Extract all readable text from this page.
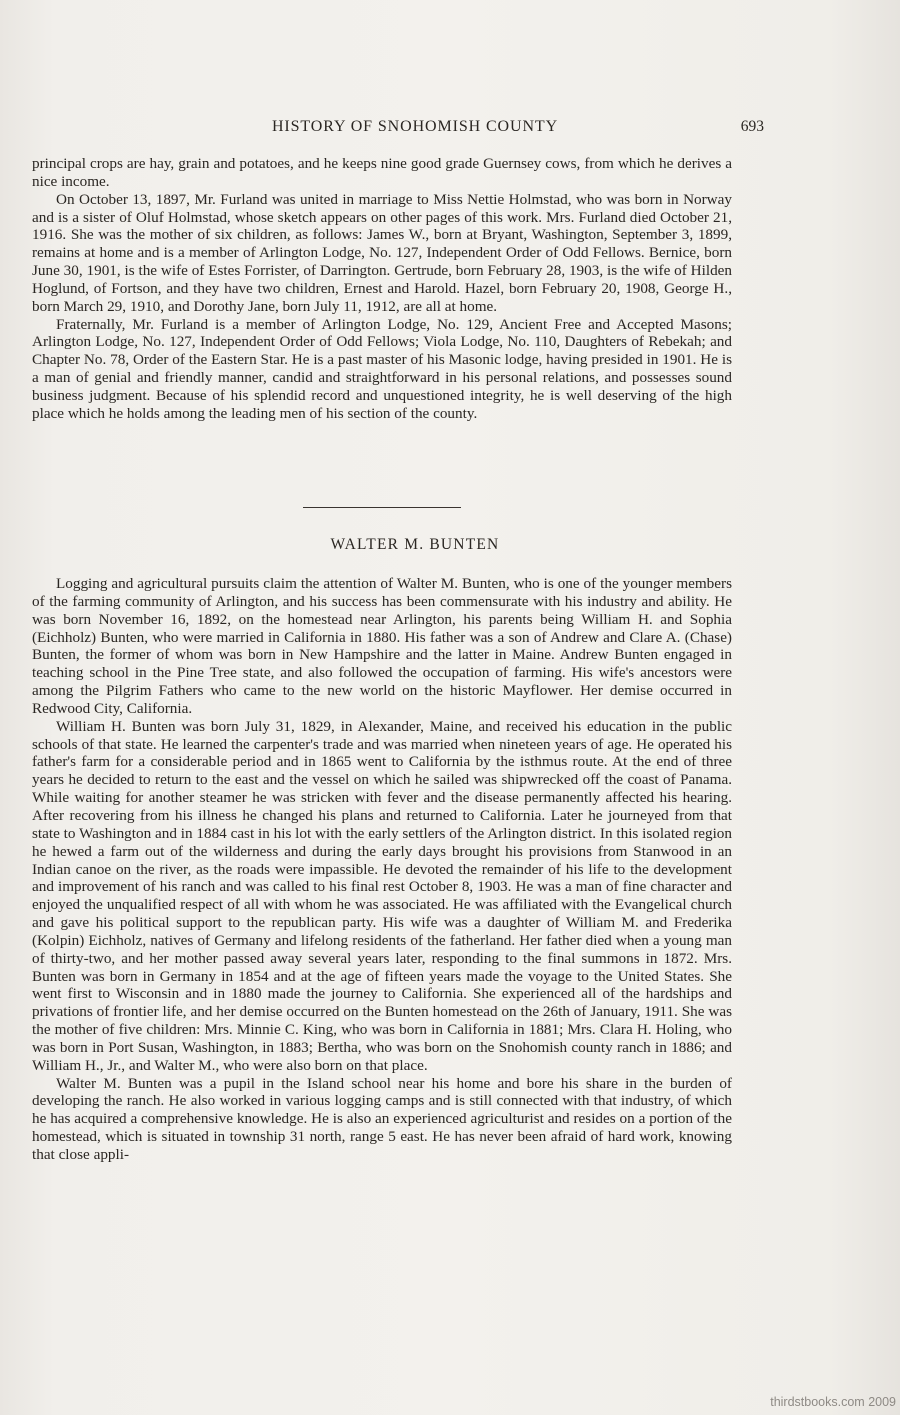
HISTORY OF SNOHOMISH COUNTY	693

principal crops are hay, grain and potatoes, and he keeps nine good grade Guernsey cows, from which he derives a nice income.

On October 13, 1897, Mr. Furland was united in marriage to Miss Nettie Holmstad, who was born in Norway and is a sister of Oluf Holmstad, whose sketch appears on other pages of this work. Mrs. Furland died October 21, 1916. She was the mother of six children, as follows: James W., born at Bryant, Washington, September 3, 1899, remains at home and is a member of Arlington Lodge, No. 127, Independent Order of Odd Fellows. Bernice, born June 30, 1901, is the wife of Estes Forrister, of Darrington. Gertrude, born February 28, 1903, is the wife of Hilden Hoglund, of Fortson, and they have two children, Ernest and Harold. Hazel, born February 20, 1908, George H., born March 29, 1910, and Dorothy Jane, born July 11, 1912, are all at home.

Fraternally, Mr. Furland is a member of Arlington Lodge, No. 129, Ancient Free and Accepted Masons; Arlington Lodge, No. 127, Independent Order of Odd Fellows; Viola Lodge, No. 110, Daughters of Rebekah; and Chapter No. 78, Order of the Eastern Star. He is a past master of his Masonic lodge, having presided in 1901. He is a man of genial and friendly manner, candid and straightforward in his personal relations, and possesses sound business judgment. Because of his splendid record and unquestioned integrity, he is well deserving of the high place which he holds among the leading men of his section of the county.

WALTER M. BUNTEN

Logging and agricultural pursuits claim the attention of Walter M. Bunten, who is one of the younger members of the farming community of Arlington, and his success has been commensurate with his industry and ability. He was born November 16, 1892, on the homestead near Arlington, his parents being William H. and Sophia (Eichholz) Bunten, who were married in California in 1880. His father was a son of Andrew and Clare A. (Chase) Bunten, the former of whom was born in New Hampshire and the latter in Maine. Andrew Bunten engaged in teaching school in the Pine Tree state, and also followed the occupation of farming. His wife's ancestors were among the Pilgrim Fathers who came to the new world on the historic Mayflower. Her demise occurred in Redwood City, California.

William H. Bunten was born July 31, 1829, in Alexander, Maine, and received his education in the public schools of that state. He learned the carpenter's trade and was married when nineteen years of age. He operated his father's farm for a considerable period and in 1865 went to California by the isthmus route. At the end of three years he decided to return to the east and the vessel on which he sailed was shipwrecked off the coast of Panama. While waiting for another steamer he was stricken with fever and the disease permanently affected his hearing. After recovering from his illness he changed his plans and returned to California. Later he journeyed from that state to Washington and in 1884 cast in his lot with the early settlers of the Arlington district. In this isolated region he hewed a farm out of the wilderness and during the early days brought his provisions from Stanwood in an Indian canoe on the river, as the roads were impassible. He devoted the remainder of his life to the development and improvement of his ranch and was called to his final rest October 8, 1903. He was a man of fine character and enjoyed the unqualified respect of all with whom he was associated. He was affiliated with the Evangelical church and gave his political support to the republican party. His wife was a daughter of William M. and Frederika (Kolpin) Eichholz, natives of Germany and lifelong residents of the fatherland. Her father died when a young man of thirty-two, and her mother passed away several years later, responding to the final summons in 1872. Mrs. Bunten was born in Germany in 1854 and at the age of fifteen years made the voyage to the United States. She went first to Wisconsin and in 1880 made the journey to California. She experienced all of the hardships and privations of frontier life, and her demise occurred on the Bunten homestead on the 26th of January, 1911. She was the mother of five children: Mrs. Minnie C. King, who was born in California in 1881; Mrs. Clara H. Holing, who was born in Port Susan, Washington, in 1883; Bertha, who was born on the Snohomish county ranch in 1886; and William H., Jr., and Walter M., who were also born on that place.

Walter M. Bunten was a pupil in the Island school near his home and bore his share in the burden of developing the ranch. He also worked in various logging camps and is still connected with that industry, of which he has acquired a comprehensive knowledge. He is also an experienced agriculturist and resides on a portion of the homestead, which is situated in township 31 north, range 5 east. He has never been afraid of hard work, knowing that close appli-

thirdstbooks.com 2009
